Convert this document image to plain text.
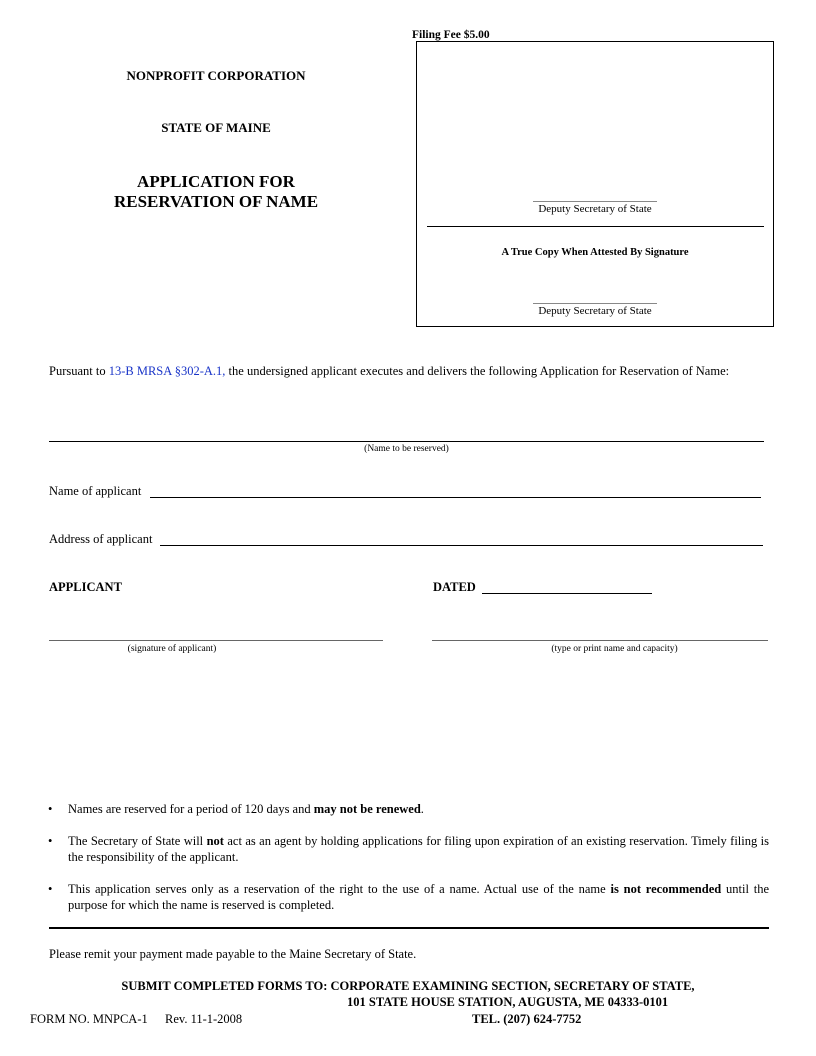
Filing Fee $5.00
NONPROFIT CORPORATION
STATE OF MAINE
APPLICATION FOR
RESERVATION OF NAME	Deputy Secretary of State
A True Copy When Attested By Signature
Deputy Secretary of State
Pursuant to 13-B MRSA §302-A.1, the undersigned applicant executes and delivers the following Application for Reservation of Name:
(Name to be reserved)
Name of applicant
Address of applicant
APPLICANT	DATED
(signature of applicant)	(type or print name and capacity)
•	Names are reserved for a period of 120 days and may not be renewed.
•	The Secretary of State will not act as an agent by holding applications for filing upon expiration of an existing reservation. Timely filing is the responsibility of the applicant.
•	This application serves only as a reservation of the right to the use of a name. Actual use of the name is not recommended until the purpose for which the name is reserved is completed.
Please remit your payment made payable to the Maine Secretary of State.
SUBMIT COMPLETED FORMS TO: CORPORATE EXAMINING SECTION, SECRETARY OF STATE,
101 STATE HOUSE STATION, AUGUSTA, ME 04333-0101
FORM NO. MNPCA-1 Rev. 11-1-2008	TEL. (207) 624-7752
